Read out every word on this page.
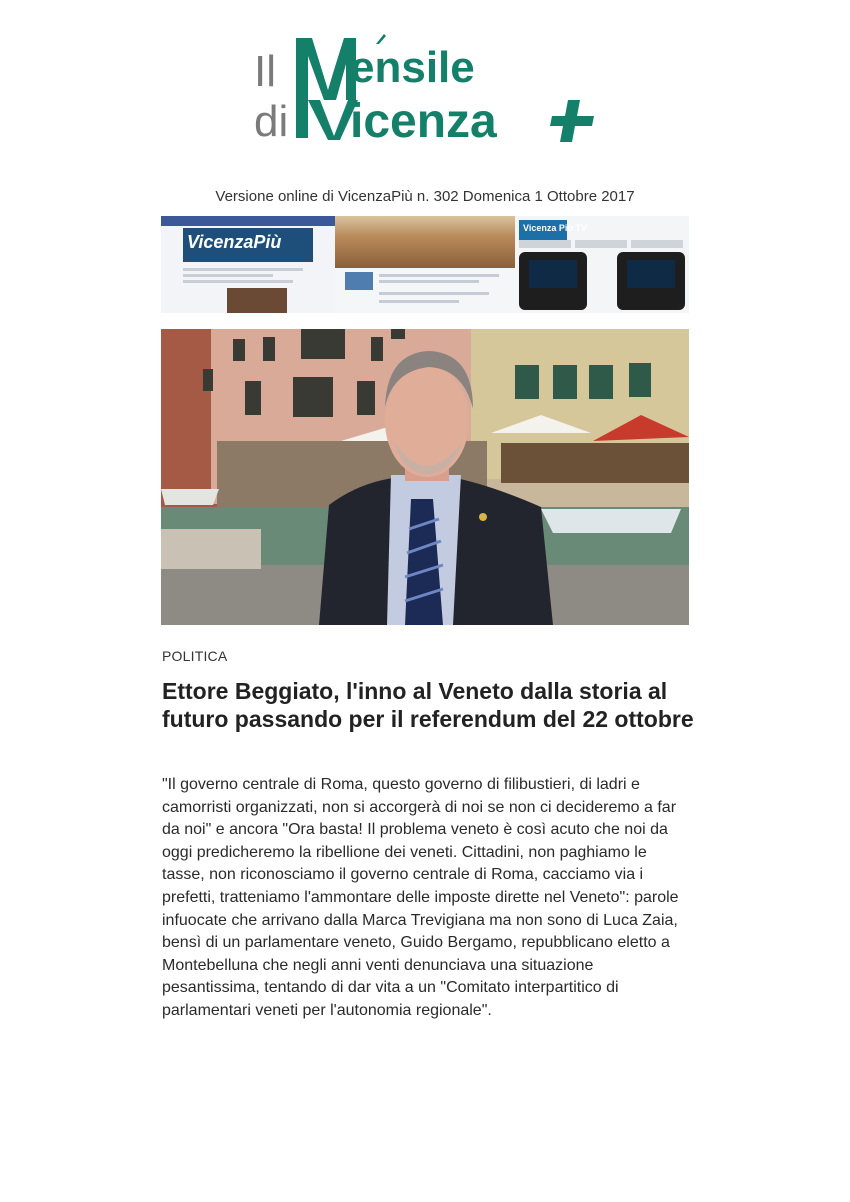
Il ensile
di icenza
Versione online di VicenzaPiù n. 302 Domenica 1 Ottobre 2017
VicenzaPiù
Vicenza Più TV
POLITICA
Ettore Beggiato, l'inno al Veneto dalla storia al futuro passando per il referendum del 22 ottobre

"Il governo centrale di Roma, questo governo di filibustieri, di ladri e camorristi organizzati, non si accorgerà di noi se non ci decideremo a far da noi" e ancora "Ora basta! Il problema veneto è così acuto che noi da oggi predicheremo la ribellione dei veneti. Cittadini, non paghiamo le tasse, non riconosciamo il governo centrale di Roma, cacciamo via i prefetti, tratteniamo l'ammontare delle imposte dirette nel Veneto": parole infuocate che arrivano dalla Marca Trevigiana ma non sono di Luca Zaia, bensì di un parlamentare veneto, Guido Bergamo, repubblicano eletto a Montebelluna che negli anni venti denunciava una situazione pesantissima, tentando di dar vita a un "Comitato interpartitico di parlamentari veneti per l'autonomia regionale".
